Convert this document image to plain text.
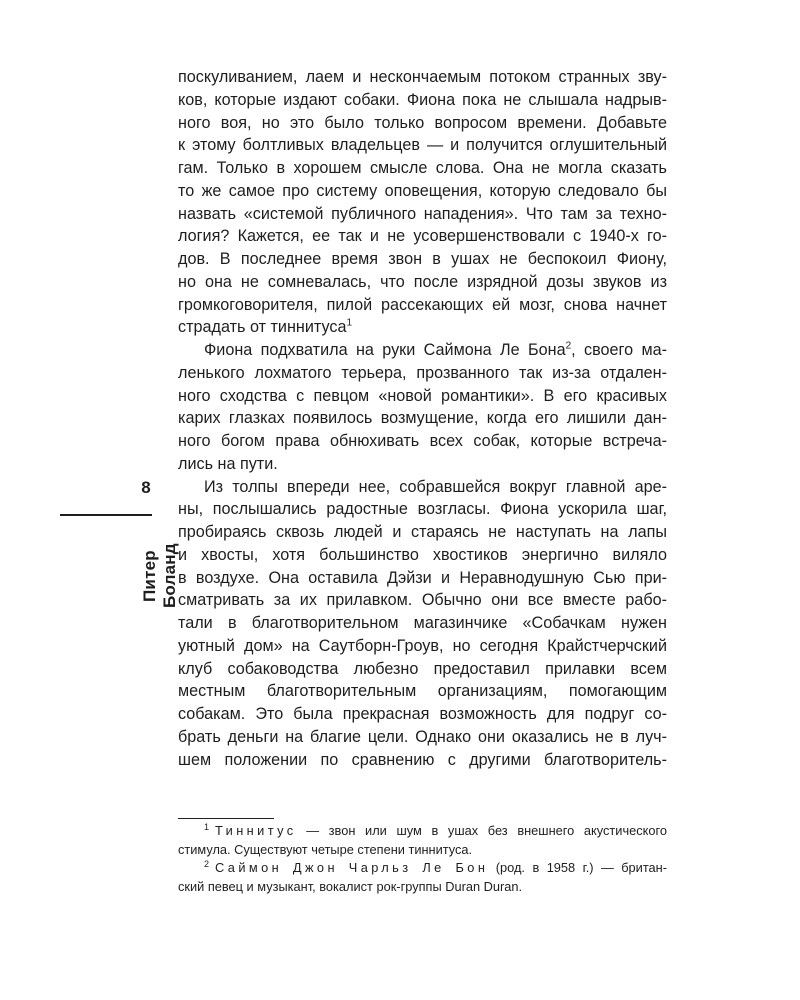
поскуливанием, лаем и нескончаемым потоком странных зву-
ков, которые издают собаки. Фиона пока не слышала надрыв-
ного воя, но это было только вопросом времени. Добавьте
к этому болтливых владельцев — и получится оглушительный
гам. Только в хорошем смысле слова. Она не могла сказать
то же самое про систему оповещения, которую следовало бы
назвать «системой публичного нападения». Что там за техно-
логия? Кажется, ее так и не усовершенствовали с 1940-х го-
дов. В последнее время звон в ушах не беспокоил Фиону,
но она не сомневалась, что после изрядной дозы звуков из
громкоговорителя, пилой рассекающих ей мозг, снова начнет
страдать от тиннитуса$^1$
Фиона подхватила на руки Саймона Ле Бона$^2$, своего ма-
ленького лохматого терьера, прозванного так из-за отдален-
ного сходства с певцом «новой романтики». В его красивых
карих глазках появилось возмущение, когда его лишили дан-
ного богом права обнюхивать всех собак, которые встреча-
лись на пути.
Из толпы впереди нее, собравшейся вокруг главной аре-
ны, послышались радостные возгласы. Фиона ускорила шаг,
пробираясь сквозь людей и стараясь не наступать на лапы
и хвосты, хотя большинство хвостиков энергично виляло
в воздухе. Она оставила Дэйзи и Неравнодушную Сью при-
сматривать за их прилавком. Обычно они все вместе рабо-
тали в благотворительном магазинчике «Собачкам нужен
уютный дом» на Саутборн-Гроув, но сегодня Крайстчерчский
клуб собаководства любезно предоставил прилавки всем
местным благотворительным организациям, помогающим
собакам. Это была прекрасная возможность для подруг со-
брать деньги на благие цели. Однако они оказались не в луч-
шем положении по сравнению с другими благотворитель-
8
Питер Боланд
$^1$ Тиннитус — звон или шум в ушах без внешнего акустического
стимула. Существуют четыре степени тиннитуса.
$^2$ Саймон Джон Чарльз Ле Бон (род. в 1958 г.) — британ-
ский певец и музыкант, вокалист рок-группы Duran Duran.
